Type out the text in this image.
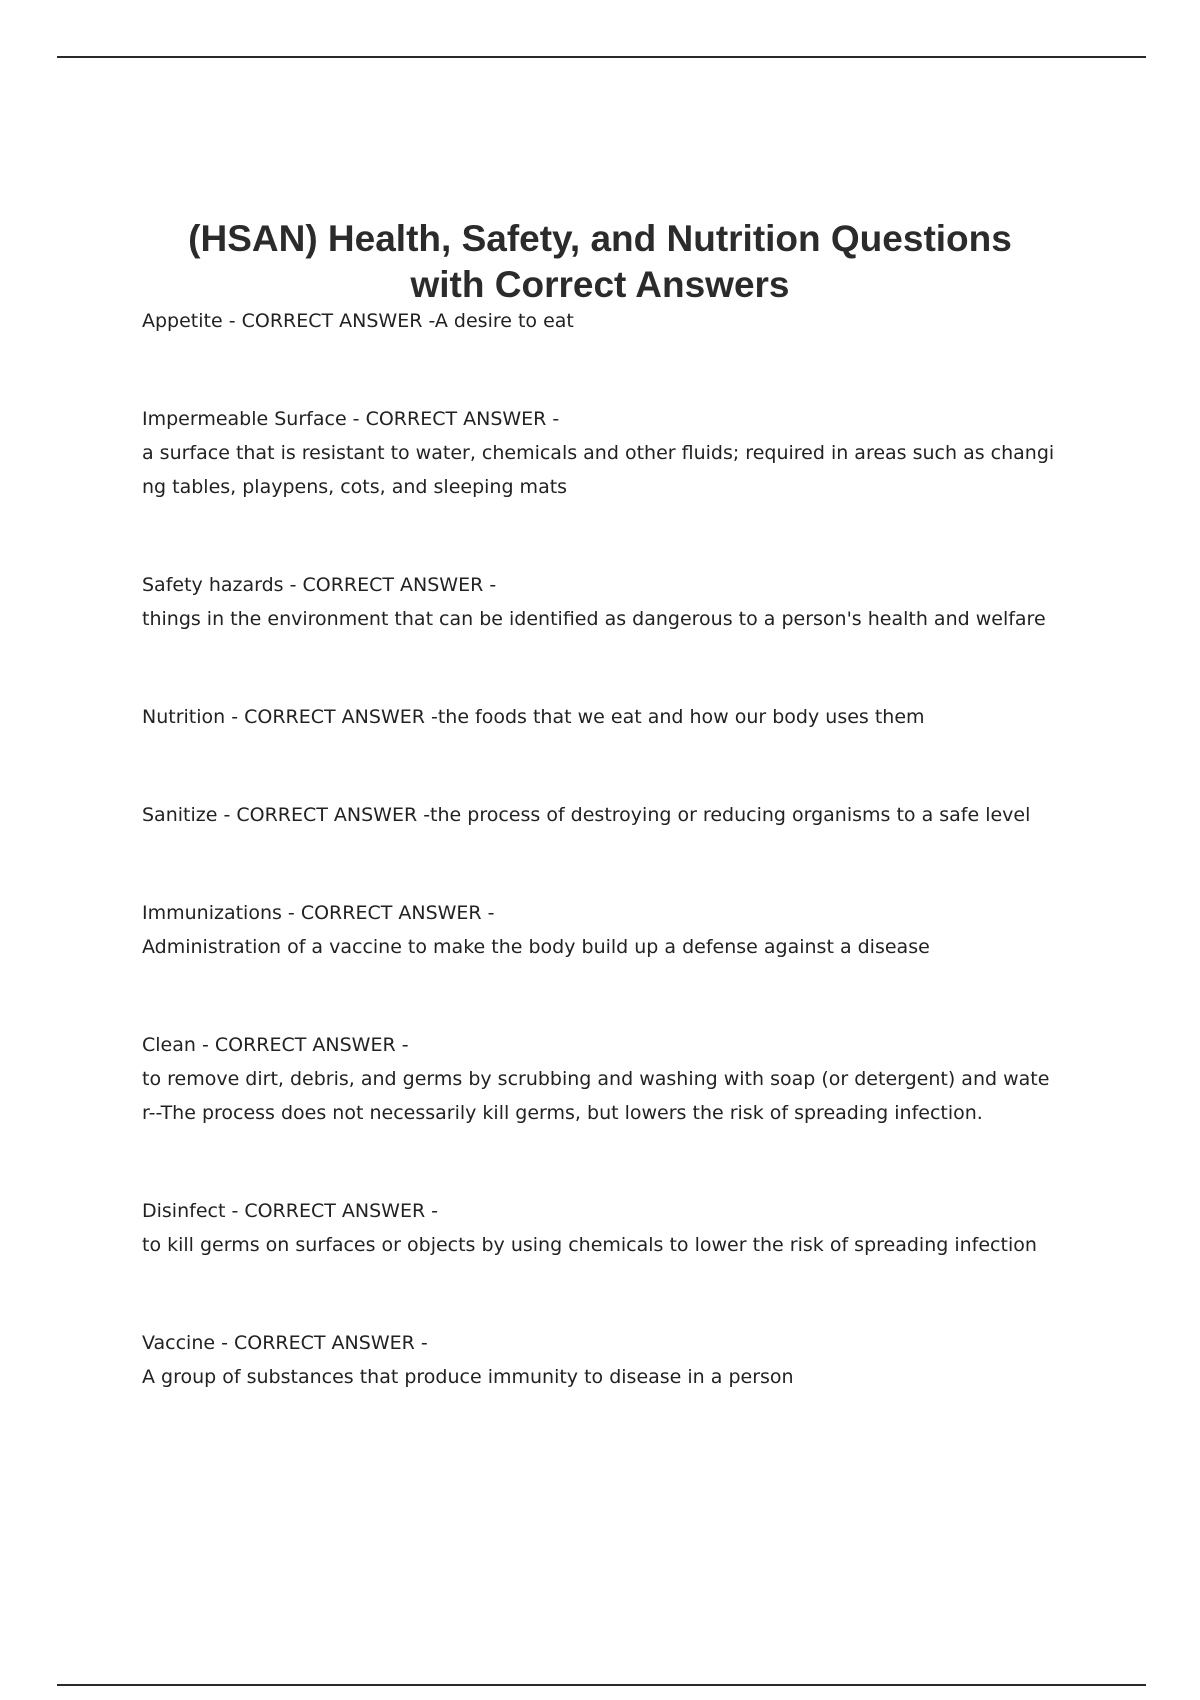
(HSAN) Health, Safety, and Nutrition Questions
with Correct Answers
Appetite - CORRECT ANSWER -A desire to eat
Impermeable Surface - CORRECT ANSWER -
a surface that is resistant to water, chemicals and other fluids; required in areas such as changi
ng tables, playpens, cots, and sleeping mats
Safety hazards - CORRECT ANSWER -
things in the environment that can be identified as dangerous to a person's health and welfare
Nutrition - CORRECT ANSWER -the foods that we eat and how our body uses them
Sanitize - CORRECT ANSWER -the process of destroying or reducing organisms to a safe level
Immunizations - CORRECT ANSWER -
Administration of a vaccine to make the body build up a defense against a disease
Clean - CORRECT ANSWER -
to remove dirt, debris, and germs by scrubbing and washing with soap (or detergent) and wate
r--The process does not necessarily kill germs, but lowers the risk of spreading infection.
Disinfect - CORRECT ANSWER -
to kill germs on surfaces or objects by using chemicals to lower the risk of spreading infection
Vaccine - CORRECT ANSWER -
A group of substances that produce immunity to disease in a person
